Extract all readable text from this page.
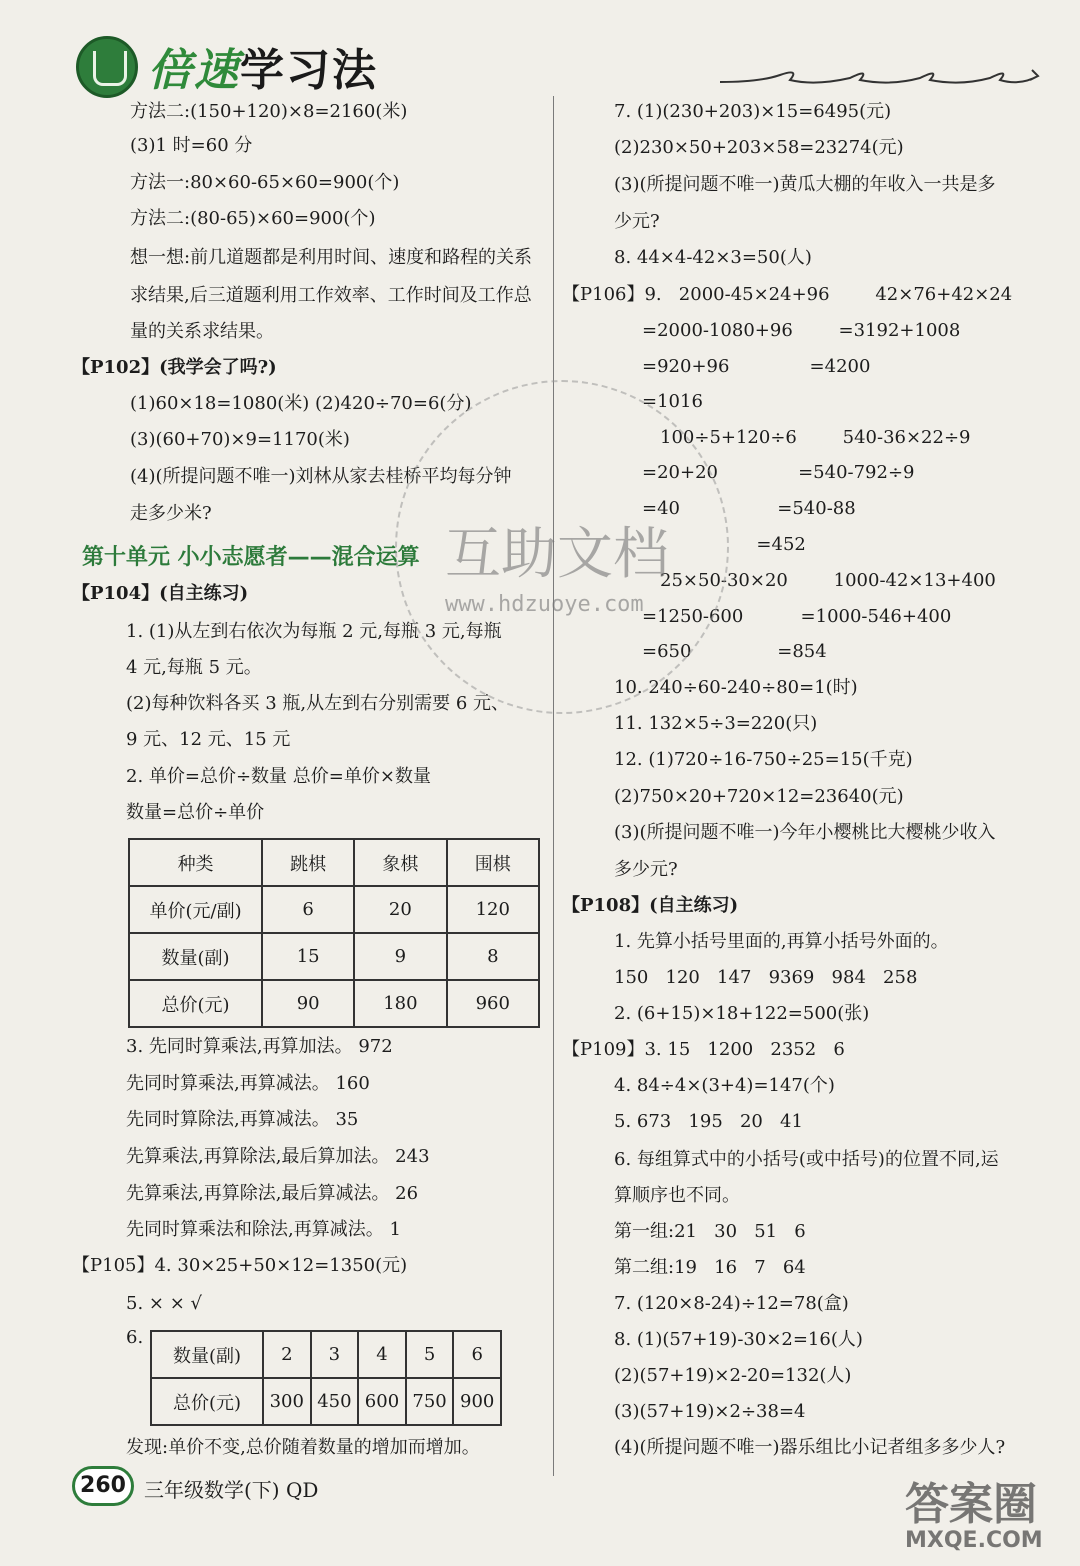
倍速学习法
方法二:(150+120)×8=2160(米)
(3)1 时=60 分
方法一:80×60-65×60=900(个)
方法二:(80-65)×60=900(个)
想一想:前几道题都是利用时间、速度和路程的关系
求结果,后三道题利用工作效率、工作时间及工作总
量的关系求结果。
【P102】(我学会了吗?)
(1)60×18=1080(米) (2)420÷70=6(分)
(3)(60+70)×9=1170(米)
(4)(所提问题不唯一)刘林从家去桂桥平均每分钟
走多少米?
第十单元 小小志愿者——混合运算
【P104】(自主练习)
1. (1)从左到右依次为每瓶 2 元,每瓶 3 元,每瓶
4 元,每瓶 5 元。
(2)每种饮料各买 3 瓶,从左到右分别需要 6 元、
9 元、12 元、15 元
2. 单价=总价÷数量 总价=单价×数量
数量=总价÷单价
种类	跳棋	象棋	围棋
单价(元/副)	6	20	120
数量(副)	15	9	8
总价(元)	90	180	960
3. 先同时算乘法,再算加法。 972
先同时算乘法,再算减法。 160
先同时算除法,再算减法。 35
先算乘法,再算除法,最后算加法。 243
先算乘法,再算除法,最后算减法。 26
先同时算乘法和除法,再算减法。 1
【P105】4. 30×25+50×12=1350(元)
5. × × √
6.
数量(副)	2	3	4	5	6
总价(元)	300	450	600	750	900
发现:单价不变,总价随着数量的增加而增加。
7. (1)(230+203)×15=6495(元)
(2)230×50+203×58=23274(元)
(3)(所提问题不唯一)黄瓜大棚的年收入一共是多
少元?
8. 44×4-42×3=50(人)
【P106】9.   2000-45×24+96        42×76+42×24
=2000-1080+96        =3192+1008
=920+96              =4200
=1016
100÷5+120÷6        540-36×22÷9
=20+20              =540-792÷9
=40                 =540-88
=452
25×50-30×20        1000-42×13+400
=1250-600          =1000-546+400
=650               =854
10. 240÷60-240÷80=1(时)
11. 132×5÷3=220(只)
12. (1)720÷16-750÷25=15(千克)
(2)750×20+720×12=23640(元)
(3)(所提问题不唯一)今年小樱桃比大樱桃少收入
多少元?
【P108】(自主练习)
1. 先算小括号里面的,再算小括号外面的。
150   120   147   9369   984   258
2. (6+15)×18+122=500(张)
【P109】3. 15   1200   2352   6
4. 84÷4×(3+4)=147(个)
5. 673   195   20   41
6. 每组算式中的小括号(或中括号)的位置不同,运
算顺序也不同。
第一组:21   30   51   6
第二组:19   16   7   64
7. (120×8-24)÷12=78(盒)
8. (1)(57+19)-30×2=16(人)
(2)(57+19)×2-20=132(人)
(3)(57+19)×2÷38=4
(4)(所提问题不唯一)器乐组比小记者组多多少人?
互助文档
www.hdzuoye.com
260 三年级数学(下) QD	答案圈
MXQE.COM
